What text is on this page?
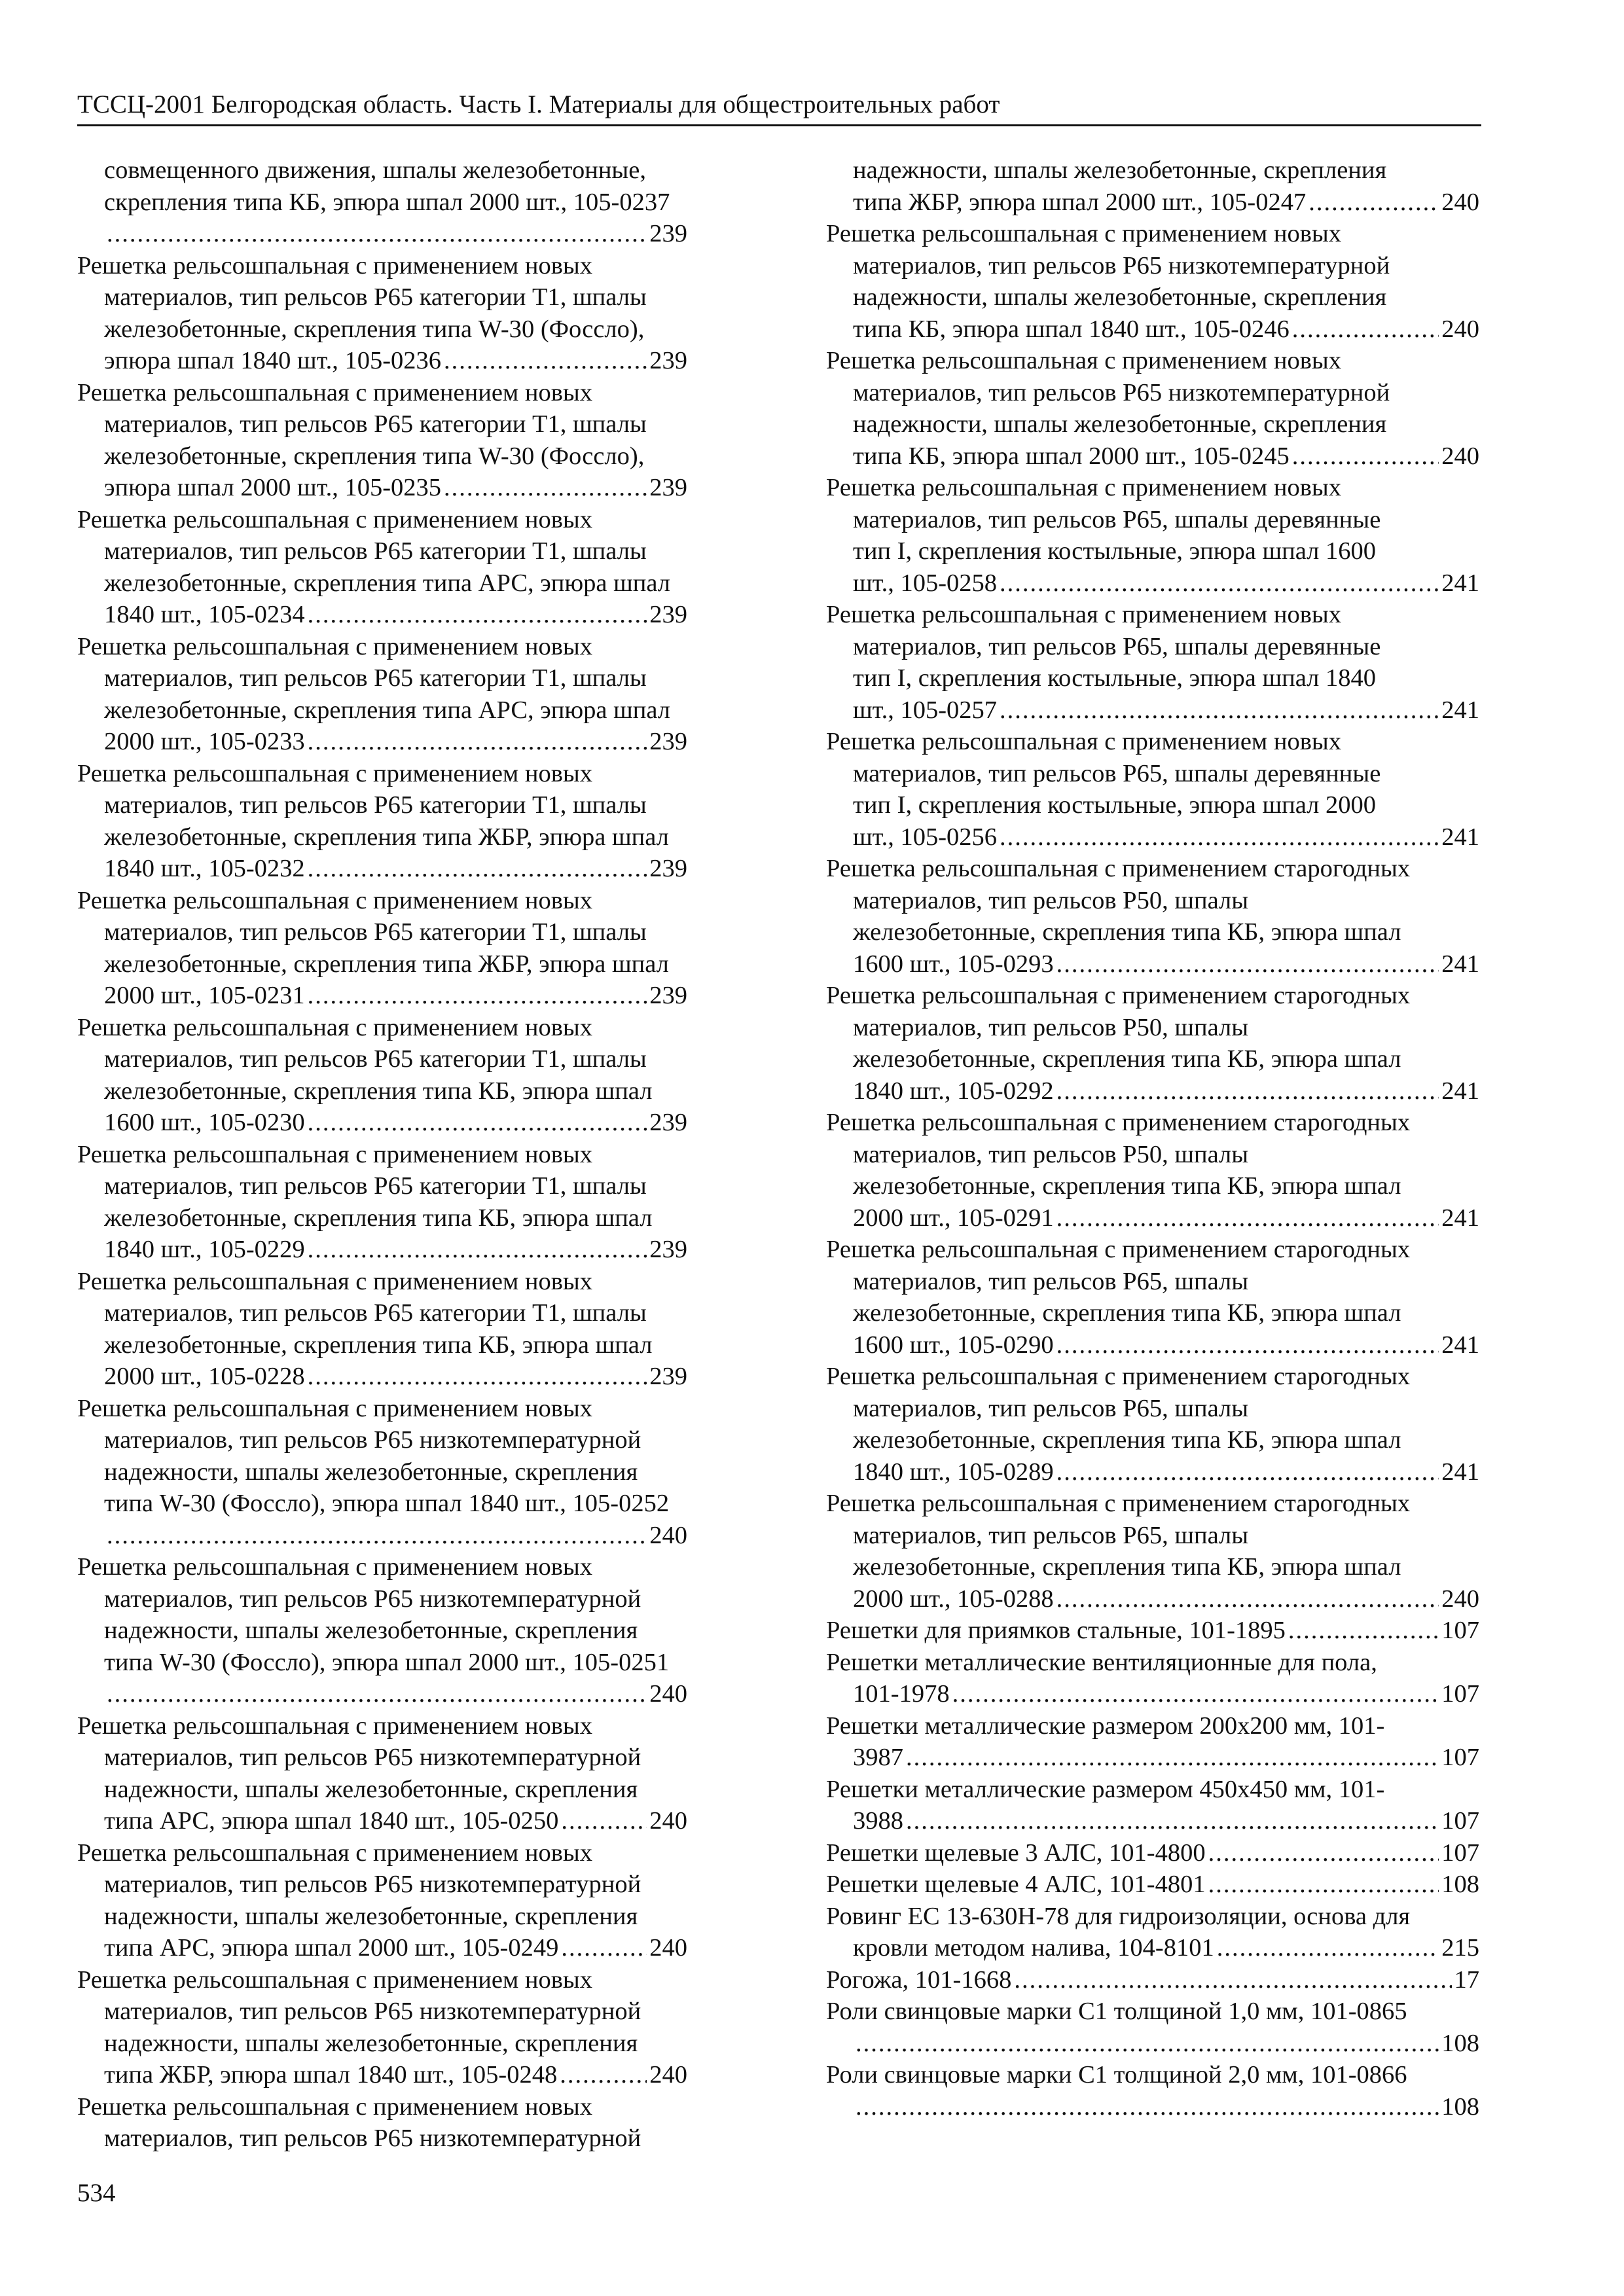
ТССЦ-2001 Белгородская область. Часть I. Материалы для общестроительных работ
совмещенного движения, шпалы железобетонные,
скрепления типа КБ, эпюра шпал 2000 шт., 105-0237
.....
239
Решетка рельсошпальная с применением новых
материалов, тип рельсов Р65 категории Т1, шпалы
железобетонные, скрепления типа W-30 (Фоссло),
эпюра шпал 1840 шт., 105-0236 .....	239
Решетка рельсошпальная с применением новых
материалов, тип рельсов Р65 категории Т1, шпалы
железобетонные, скрепления типа W-30 (Фоссло),
эпюра шпал 2000 шт., 105-0235 .....	239
Решетка рельсошпальная с применением новых
материалов, тип рельсов Р65 категории Т1, шпалы
железобетонные, скрепления типа АРС, эпюра шпал
1840 шт., 105-0234 .....	239
Решетка рельсошпальная с применением новых
материалов, тип рельсов Р65 категории Т1, шпалы
железобетонные, скрепления типа АРС, эпюра шпал
2000 шт., 105-0233 .....	239
Решетка рельсошпальная с применением новых
материалов, тип рельсов Р65 категории Т1, шпалы
железобетонные, скрепления типа ЖБР, эпюра шпал
1840 шт., 105-0232 .....	239
Решетка рельсошпальная с применением новых
материалов, тип рельсов Р65 категории Т1, шпалы
железобетонные, скрепления типа ЖБР, эпюра шпал
2000 шт., 105-0231 .....	239
Решетка рельсошпальная с применением новых
материалов, тип рельсов Р65 категории Т1, шпалы
железобетонные, скрепления типа КБ, эпюра шпал
1600 шт., 105-0230 .....	239
Решетка рельсошпальная с применением новых
материалов, тип рельсов Р65 категории Т1, шпалы
железобетонные, скрепления типа КБ, эпюра шпал
1840 шт., 105-0229 .....	239
Решетка рельсошпальная с применением новых
материалов, тип рельсов Р65 категории Т1, шпалы
железобетонные, скрепления типа КБ, эпюра шпал
2000 шт., 105-0228 .....	239
Решетка рельсошпальная с применением новых
материалов, тип рельсов Р65 низкотемпературной
надежности, шпалы железобетонные, скрепления
типа W-30 (Фоссло), эпюра шпал 1840 шт., 105-0252
.....
240
Решетка рельсошпальная с применением новых
материалов, тип рельсов Р65 низкотемпературной
надежности, шпалы железобетонные, скрепления
типа W-30 (Фоссло), эпюра шпал 2000 шт., 105-0251
.....
240
Решетка рельсошпальная с применением новых
материалов, тип рельсов Р65 низкотемпературной
надежности, шпалы железобетонные, скрепления
типа АРС, эпюра шпал 1840 шт., 105-0250 .....	240
Решетка рельсошпальная с применением новых
материалов, тип рельсов Р65 низкотемпературной
надежности, шпалы железобетонные, скрепления
типа АРС, эпюра шпал 2000 шт., 105-0249 .....	240
Решетка рельсошпальная с применением новых
материалов, тип рельсов Р65 низкотемпературной
надежности, шпалы железобетонные, скрепления
типа ЖБР, эпюра шпал 1840 шт., 105-0248 .....	240
Решетка рельсошпальная с применением новых
материалов, тип рельсов Р65 низкотемпературной
надежности, шпалы железобетонные, скрепления
типа ЖБР, эпюра шпал 2000 шт., 105-0247 .....	240
Решетка рельсошпальная с применением новых
материалов, тип рельсов Р65 низкотемпературной
надежности, шпалы железобетонные, скрепления
типа КБ, эпюра шпал 1840 шт., 105-0246 .....	240
Решетка рельсошпальная с применением новых
материалов, тип рельсов Р65 низкотемпературной
надежности, шпалы железобетонные, скрепления
типа КБ, эпюра шпал 2000 шт., 105-0245 .....	240
Решетка рельсошпальная с применением новых
материалов, тип рельсов Р65, шпалы деревянные
тип I, скрепления костыльные, эпюра шпал 1600
шт., 105-0258 .....	241
Решетка рельсошпальная с применением новых
материалов, тип рельсов Р65, шпалы деревянные
тип I, скрепления костыльные, эпюра шпал 1840
шт., 105-0257 .....	241
Решетка рельсошпальная с применением новых
материалов, тип рельсов Р65, шпалы деревянные
тип I, скрепления костыльные, эпюра шпал 2000
шт., 105-0256 .....	241
Решетка рельсошпальная с применением старогодных
материалов, тип рельсов Р50, шпалы
железобетонные, скрепления типа КБ, эпюра шпал
1600 шт., 105-0293 .....	241
Решетка рельсошпальная с применением старогодных
материалов, тип рельсов Р50, шпалы
железобетонные, скрепления типа КБ, эпюра шпал
1840 шт., 105-0292 .....	241
Решетка рельсошпальная с применением старогодных
материалов, тип рельсов Р50, шпалы
железобетонные, скрепления типа КБ, эпюра шпал
2000 шт., 105-0291 .....	241
Решетка рельсошпальная с применением старогодных
материалов, тип рельсов Р65, шпалы
железобетонные, скрепления типа КБ, эпюра шпал
1600 шт., 105-0290 .....	241
Решетка рельсошпальная с применением старогодных
материалов, тип рельсов Р65, шпалы
железобетонные, скрепления типа КБ, эпюра шпал
1840 шт., 105-0289 .....	241
Решетка рельсошпальная с применением старогодных
материалов, тип рельсов Р65, шпалы
железобетонные, скрепления типа КБ, эпюра шпал
2000 шт., 105-0288 .....	240
Решетки для приямков стальные, 101-1895 .....	107
Решетки металлические вентиляционные для пола,
101-1978 .....	107
Решетки металлические размером 200х200 мм, 101-
3987 .....	107
Решетки металлические размером 450х450 мм, 101-
3988 .....	107
Решетки щелевые 3 АЛС, 101-4800 .....	107
Решетки щелевые 4 АЛС, 101-4801 .....	108
Ровинг ЕС 13-630Н-78 для гидроизоляции, основа для
кровли методом налива, 104-8101 .....	215
Рогожа, 101-1668 .....	17
Роли свинцовые марки С1 толщиной 1,0 мм, 101-0865
.....
108
Роли свинцовые марки С1 толщиной 2,0 мм, 101-0866
.....
108
534
